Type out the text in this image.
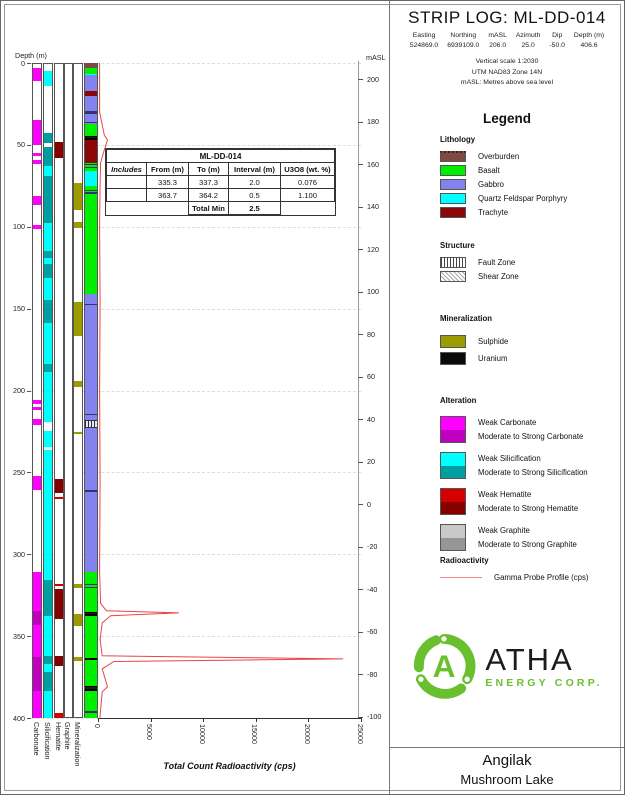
Depth (m)	mASL
Total Count Radioactivity (cps)
ML-DD-014				
Includes	From (m)	To (m)	Interval (m)	U3O8 (wt. %)
	335.3	337.3	2.0	0.076
	363.7	364.2	0.5	1.100
		Total Min	2.5	
0
50
100
150
200
250
300
350
400
200
180
160
140
120
100
80
60
40
20
0
-20
-40
-60
-80
-100
0	5000	10000	15000	20000	25000
Carbonate Silicification Hematite Graphite Mineralization
STRIP LOG: ML-DD-014
Easting
524869.0
Northing
6939109.0
mASL
206.0
Azimuth
25.0
Dip
-50.0
Depth (m)
406.6
Vertical scale 1:2030
UTM NAD83 Zone 14N
mASL: Metres above sea level
Legend
Lithology
Overburden
Basalt
Gabbro
Quartz Feldspar Porphyry
Trachyte
Structure
Fault Zone
Shear Zone
Mineralization
Sulphide
Uranium
Alteration
Weak Carbonate
Moderate to Strong Carbonate
Weak Silicification
Moderate to Strong Silicification
Weak Hematite
Moderate to Strong Hematite
Weak Graphite
Moderate to Strong Graphite
Radioactivity
Gamma Probe Profile (cps)
A ATHA
ENERGY CORP.
Angilak
Mushroom Lake
